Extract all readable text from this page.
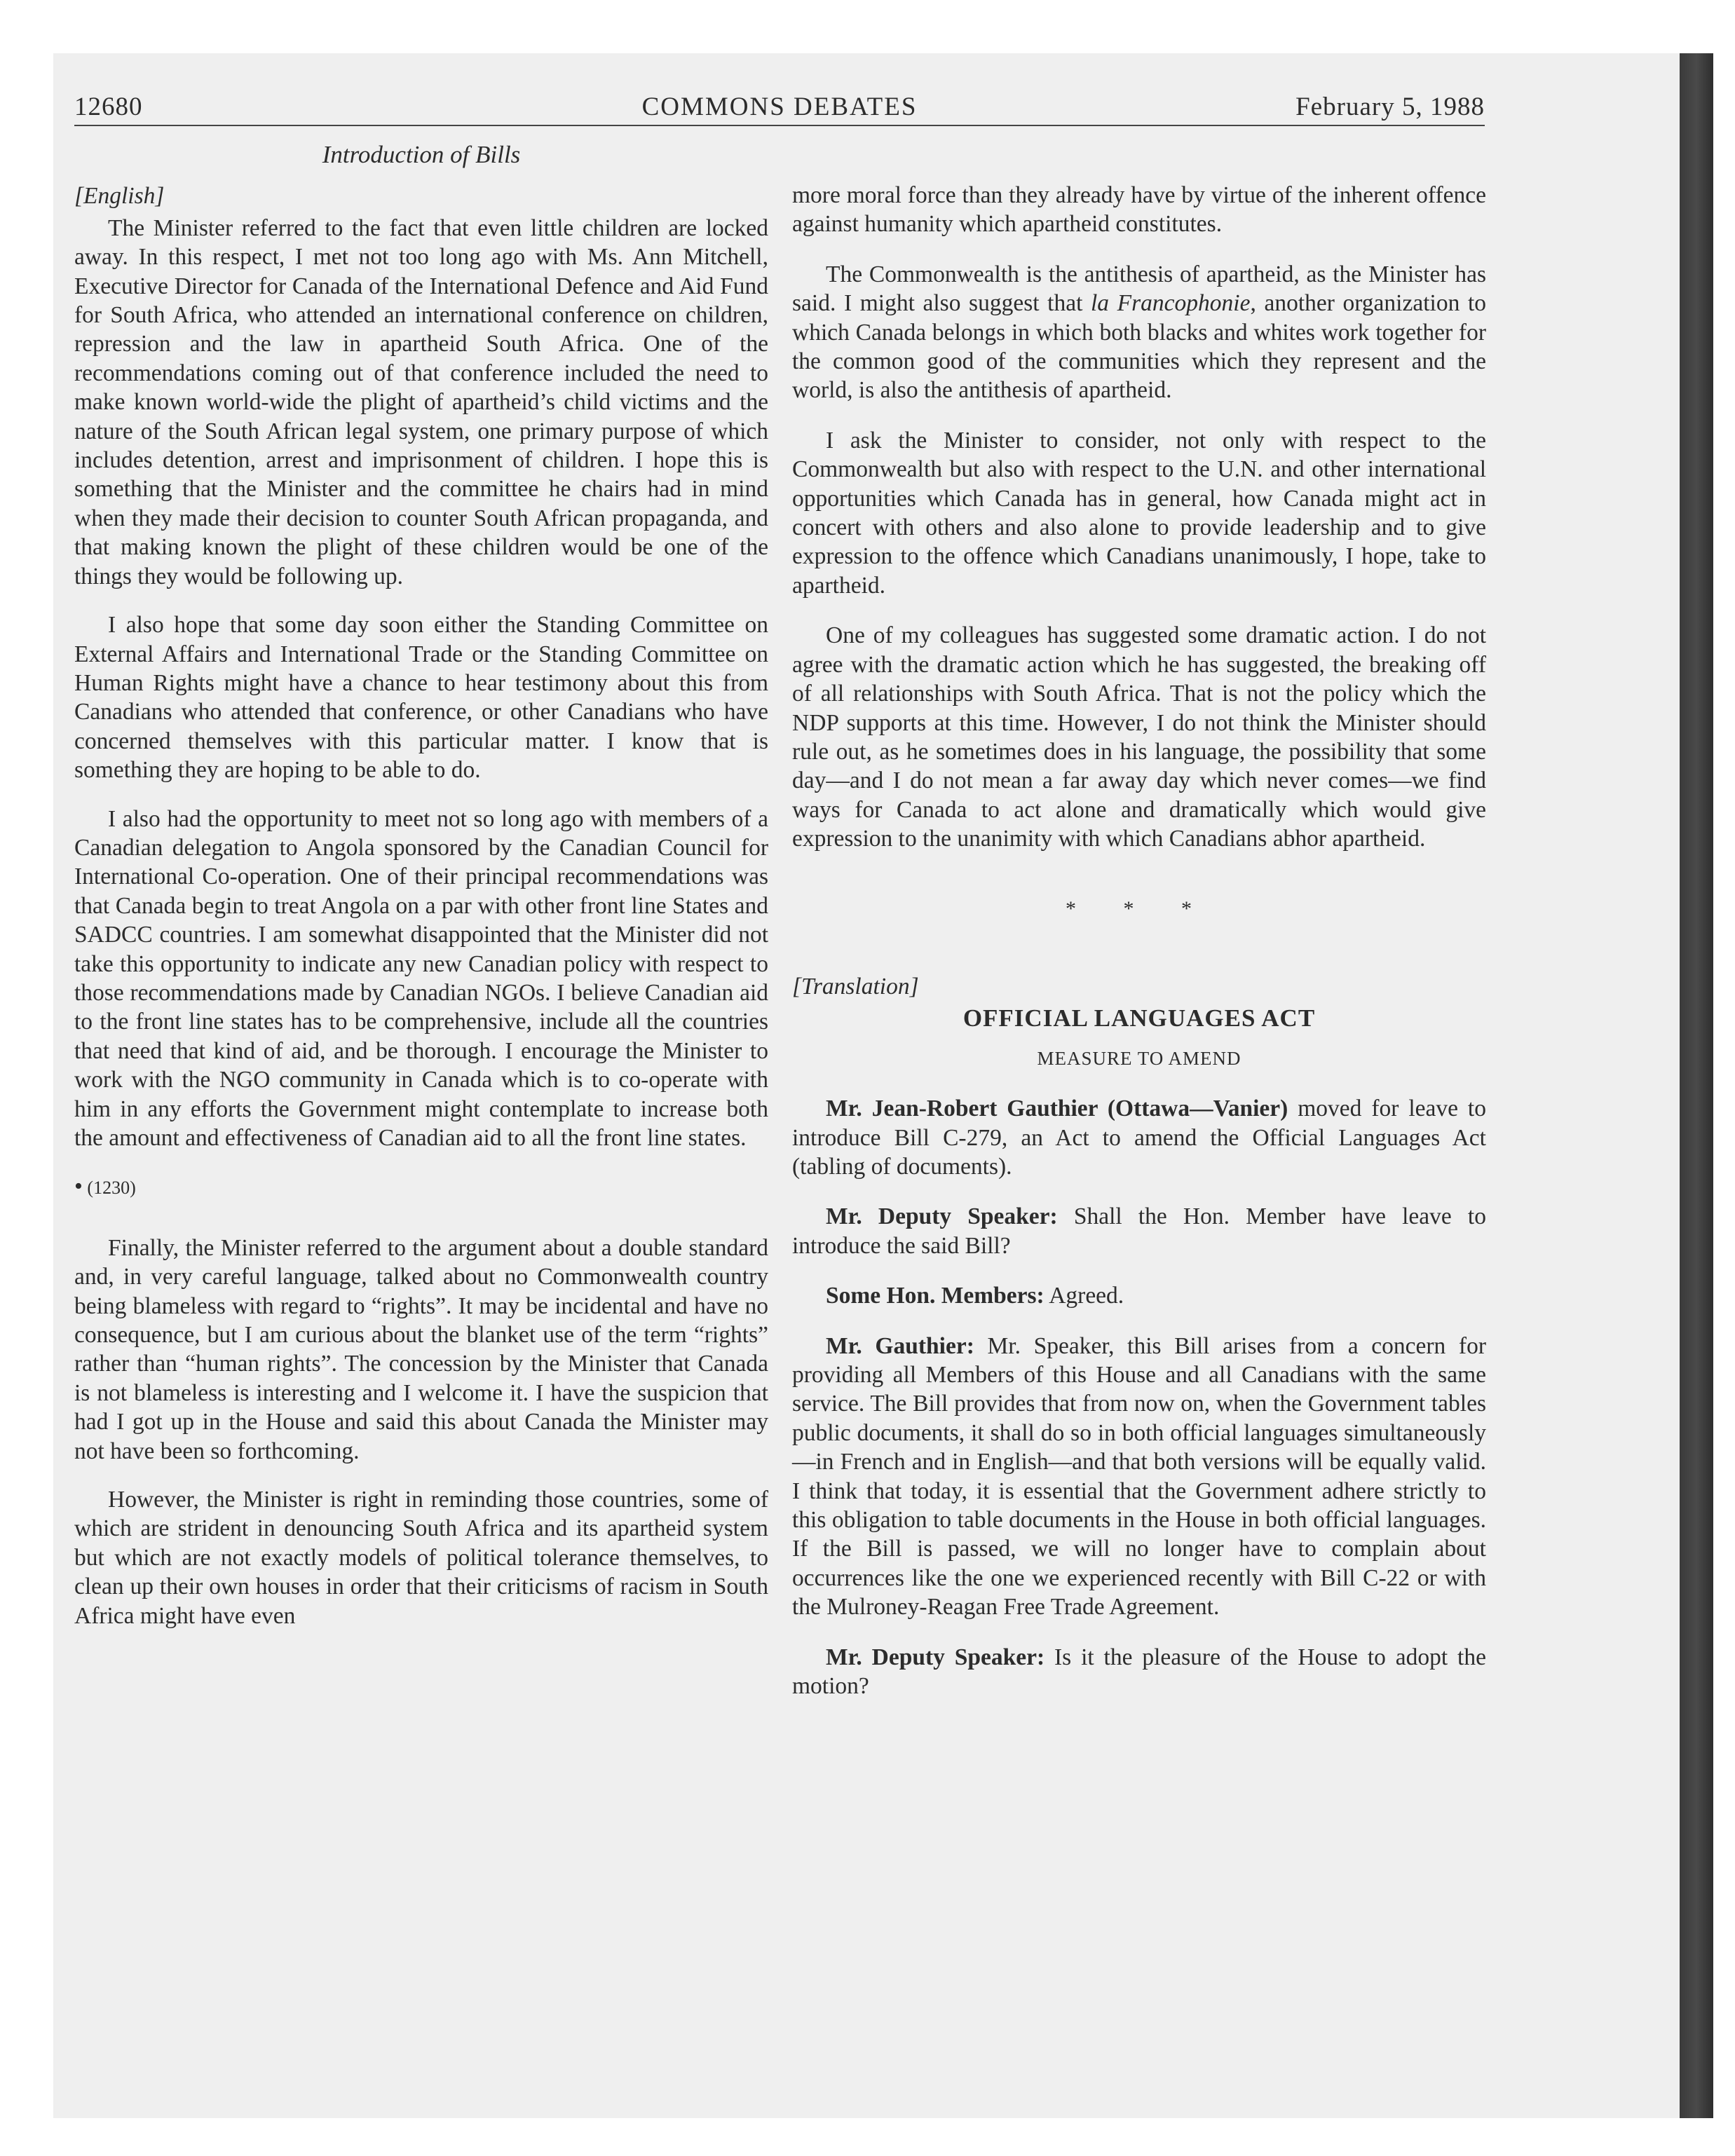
12680	COMMONS DEBATES	February 5, 1988
Introduction of Bills
[English]

The Minister referred to the fact that even little children are locked away. In this respect, I met not too long ago with Ms. Ann Mitchell, Executive Director for Canada of the International Defence and Aid Fund for South Africa, who attended an international conference on children, repression and the law in apartheid South Africa. One of the recommendations coming out of that conference included the need to make known world-wide the plight of apartheid’s child victims and the nature of the South African legal system, one primary purpose of which includes detention, arrest and imprisonment of children. I hope this is something that the Minister and the committee he chairs had in mind when they made their decision to counter South African propaganda, and that making known the plight of these children would be one of the things they would be following up.

I also hope that some day soon either the Standing Committee on External Affairs and International Trade or the Standing Committee on Human Rights might have a chance to hear testimony about this from Canadians who attended that conference, or other Canadians who have concerned themselves with this particular matter. I know that is something they are hoping to be able to do.

I also had the opportunity to meet not so long ago with members of a Canadian delegation to Angola sponsored by the Canadian Council for International Co-operation. One of their principal recommendations was that Canada begin to treat Angola on a par with other front line States and SADCC countries. I am somewhat disappointed that the Minister did not take this opportunity to indicate any new Canadian policy with respect to those recommendations made by Canadian NGOs. I believe Canadian aid to the front line states has to be comprehensive, include all the countries that need that kind of aid, and be thorough. I encourage the Minister to work with the NGO community in Canada which is to co-operate with him in any efforts the Government might contemplate to increase both the amount and effectiveness of Canadian aid to all the front line states.

• (1230)

Finally, the Minister referred to the argument about a double standard and, in very careful language, talked about no Commonwealth country being blameless with regard to “rights”. It may be incidental and have no consequence, but I am curious about the blanket use of the term “rights” rather than “human rights”. The concession by the Minister that Canada is not blameless is interesting and I welcome it. I have the suspicion that had I got up in the House and said this about Canada the Minister may not have been so forthcoming.

However, the Minister is right in reminding those countries, some of which are strident in denouncing South Africa and its apartheid system but which are not exactly models of political tolerance themselves, to clean up their own houses in order that their criticisms of racism in South Africa might have even

more moral force than they already have by virtue of the inherent offence against humanity which apartheid constitutes.

The Commonwealth is the antithesis of apartheid, as the Minister has said. I might also suggest that la Francophonie, another organization to which Canada belongs in which both blacks and whites work together for the common good of the communities which they represent and the world, is also the antithesis of apartheid.

I ask the Minister to consider, not only with respect to the Commonwealth but also with respect to the U.N. and other international opportunities which Canada has in general, how Canada might act in concert with others and also alone to provide leadership and to give expression to the offence which Canadians unanimously, I hope, take to apartheid.

One of my colleagues has suggested some dramatic action. I do not agree with the dramatic action which he has suggested, the breaking off of all relationships with South Africa. That is not the policy which the NDP supports at this time. However, I do not think the Minister should rule out, as he sometimes does in his language, the possibility that some day—and I do not mean a far away day which never comes—we find ways for Canada to act alone and dramatically which would give expression to the unanimity with which Canadians abhor apartheid.

* * *
[Translation]
OFFICIAL LANGUAGES ACT
MEASURE TO AMEND

Mr. Jean-Robert Gauthier (Ottawa—Vanier) moved for leave to introduce Bill C-279, an Act to amend the Official Languages Act (tabling of documents).

Mr. Deputy Speaker: Shall the Hon. Member have leave to introduce the said Bill?

Some Hon. Members: Agreed.

Mr. Gauthier: Mr. Speaker, this Bill arises from a concern for providing all Members of this House and all Canadians with the same service. The Bill provides that from now on, when the Government tables public documents, it shall do so in both official languages simultaneously—in French and in English—and that both versions will be equally valid. I think that today, it is essential that the Government adhere strictly to this obligation to table documents in the House in both official languages. If the Bill is passed, we will no longer have to complain about occurrences like the one we experienced recently with Bill C-22 or with the Mulroney-Reagan Free Trade Agreement.

Mr. Deputy Speaker: Is it the pleasure of the House to adopt the motion?
